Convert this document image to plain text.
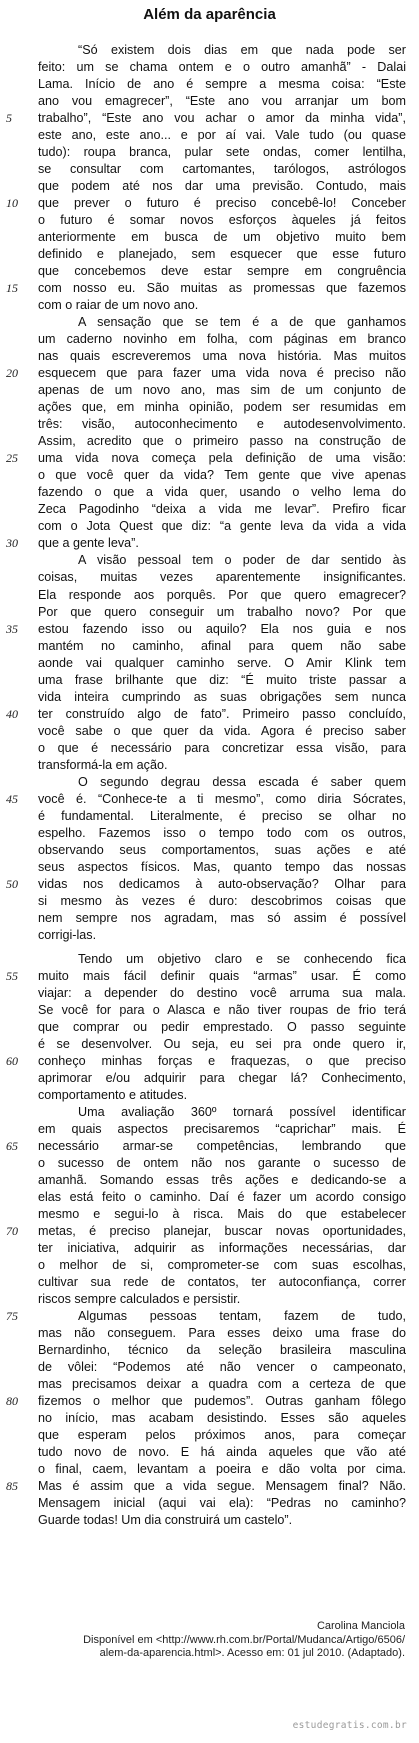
Além da aparência
“Só existem dois dias em que nada pode ser
feito: um se chama ontem e o outro amanhã” - Dalai
Lama. Início de ano é sempre a mesma coisa: “Este
ano vou emagrecer”, “Este ano vou arranjar um bom
5	trabalho”, “Este ano vou achar o amor da minha vida”,
este ano, este ano... e por aí vai. Vale tudo (ou quase
tudo): roupa branca, pular sete ondas, comer lentilha,
se consultar com cartomantes, tarólogos, astrólogos
que podem até nos dar uma previsão. Contudo, mais
10	que prever o futuro é preciso concebê-lo! Conceber
o futuro é somar novos esforços àqueles já feitos
anteriormente em busca de um objetivo muito bem
definido e planejado, sem esquecer que esse futuro
que concebemos deve estar sempre em congruência
15	com nosso eu. São muitas as promessas que fazemos
com o raiar de um novo ano.
A sensação que se tem é a de que ganhamos
um caderno novinho em folha, com páginas em branco
nas quais escreveremos uma nova história. Mas muitos
20	esquecem que para fazer uma vida nova é preciso não
apenas de um novo ano, mas sim de um conjunto de
ações que, em minha opinião, podem ser resumidas em
três: visão, autoconhecimento e autodesenvolvimento.
Assim, acredito que o primeiro passo na construção de
25	uma vida nova começa pela definição de uma visão:
o que você quer da vida? Tem gente que vive apenas
fazendo o que a vida quer, usando o velho lema do
Zeca Pagodinho “deixa a vida me levar”. Prefiro ficar
com o Jota Quest que diz: “a gente leva da vida a vida
30	que a gente leva”.
A visão pessoal tem o poder de dar sentido às
coisas, muitas vezes aparentemente insignificantes.
Ela responde aos porquês. Por que quero emagrecer?
Por que quero conseguir um trabalho novo? Por que
35	estou fazendo isso ou aquilo? Ela nos guia e nos
mantém no caminho, afinal para quem não sabe
aonde vai qualquer caminho serve. O Amir Klink tem
uma frase brilhante que diz: “É muito triste passar a
vida inteira cumprindo as suas obrigações sem nunca
40	ter construído algo de fato”. Primeiro passo concluído,
você sabe o que quer da vida. Agora é preciso saber
o que é necessário para concretizar essa visão, para
transformá-la em ação.
O segundo degrau dessa escada é saber quem
45	você é. “Conhece-te a ti mesmo”, como diria Sócrates,
é fundamental. Literalmente, é preciso se olhar no
espelho. Fazemos isso o tempo todo com os outros,
observando seus comportamentos, suas ações e até
seus aspectos físicos. Mas, quanto tempo das nossas
50	vidas nos dedicamos à auto-observação? Olhar para
si mesmo às vezes é duro: descobrimos coisas que
nem sempre nos agradam, mas só assim é possível
corrigi-las.
Tendo um objetivo claro e se conhecendo fica
55	muito mais fácil definir quais “armas” usar. É como
viajar: a depender do destino você arruma sua mala.
Se você for para o Alasca e não tiver roupas de frio terá
que comprar ou pedir emprestado. O passo seguinte
é se desenvolver. Ou seja, eu sei pra onde quero ir,
60	conheço minhas forças e fraquezas, o que preciso
aprimorar e/ou adquirir para chegar lá? Conhecimento,
comportamento e atitudes.
Uma avaliação 360º tornará possível identificar
em quais aspectos precisaremos “caprichar” mais. É
65	necessário armar-se competências, lembrando que
o sucesso de ontem não nos garante o sucesso de
amanhã. Somando essas três ações e dedicando-se a
elas está feito o caminho. Daí é fazer um acordo consigo
mesmo e segui-lo à risca. Mais do que estabelecer
70	metas, é preciso planejar, buscar novas oportunidades,
ter iniciativa, adquirir as informações necessárias, dar
o melhor de si, comprometer-se com suas escolhas,
cultivar sua rede de contatos, ter autoconfiança, correr
riscos sempre calculados e persistir.
75	Algumas pessoas tentam, fazem de tudo,
mas não conseguem. Para esses deixo uma frase do
Bernardinho, técnico da seleção brasileira masculina
de vôlei: “Podemos até não vencer o campeonato,
mas precisamos deixar a quadra com a certeza de que
80	fizemos o melhor que pudemos”. Outras ganham fôlego
no início, mas acabam desistindo. Esses são aqueles
que esperam pelos próximos anos, para começar
tudo novo de novo. E há ainda aqueles que vão até
o final, caem, levantam a poeira e dão volta por cima.
85	Mas é assim que a vida segue. Mensagem final? Não.
Mensagem inicial (aqui vai ela): “Pedras no caminho?
Guarde todas! Um dia construirá um castelo”.
Carolina Manciola
Disponível em <http://www.rh.com.br/Portal/Mudanca/Artigo/6506/
alem-da-aparencia.html>. Acesso em: 01 jul 2010. (Adaptado).
estudegratis.com.br
